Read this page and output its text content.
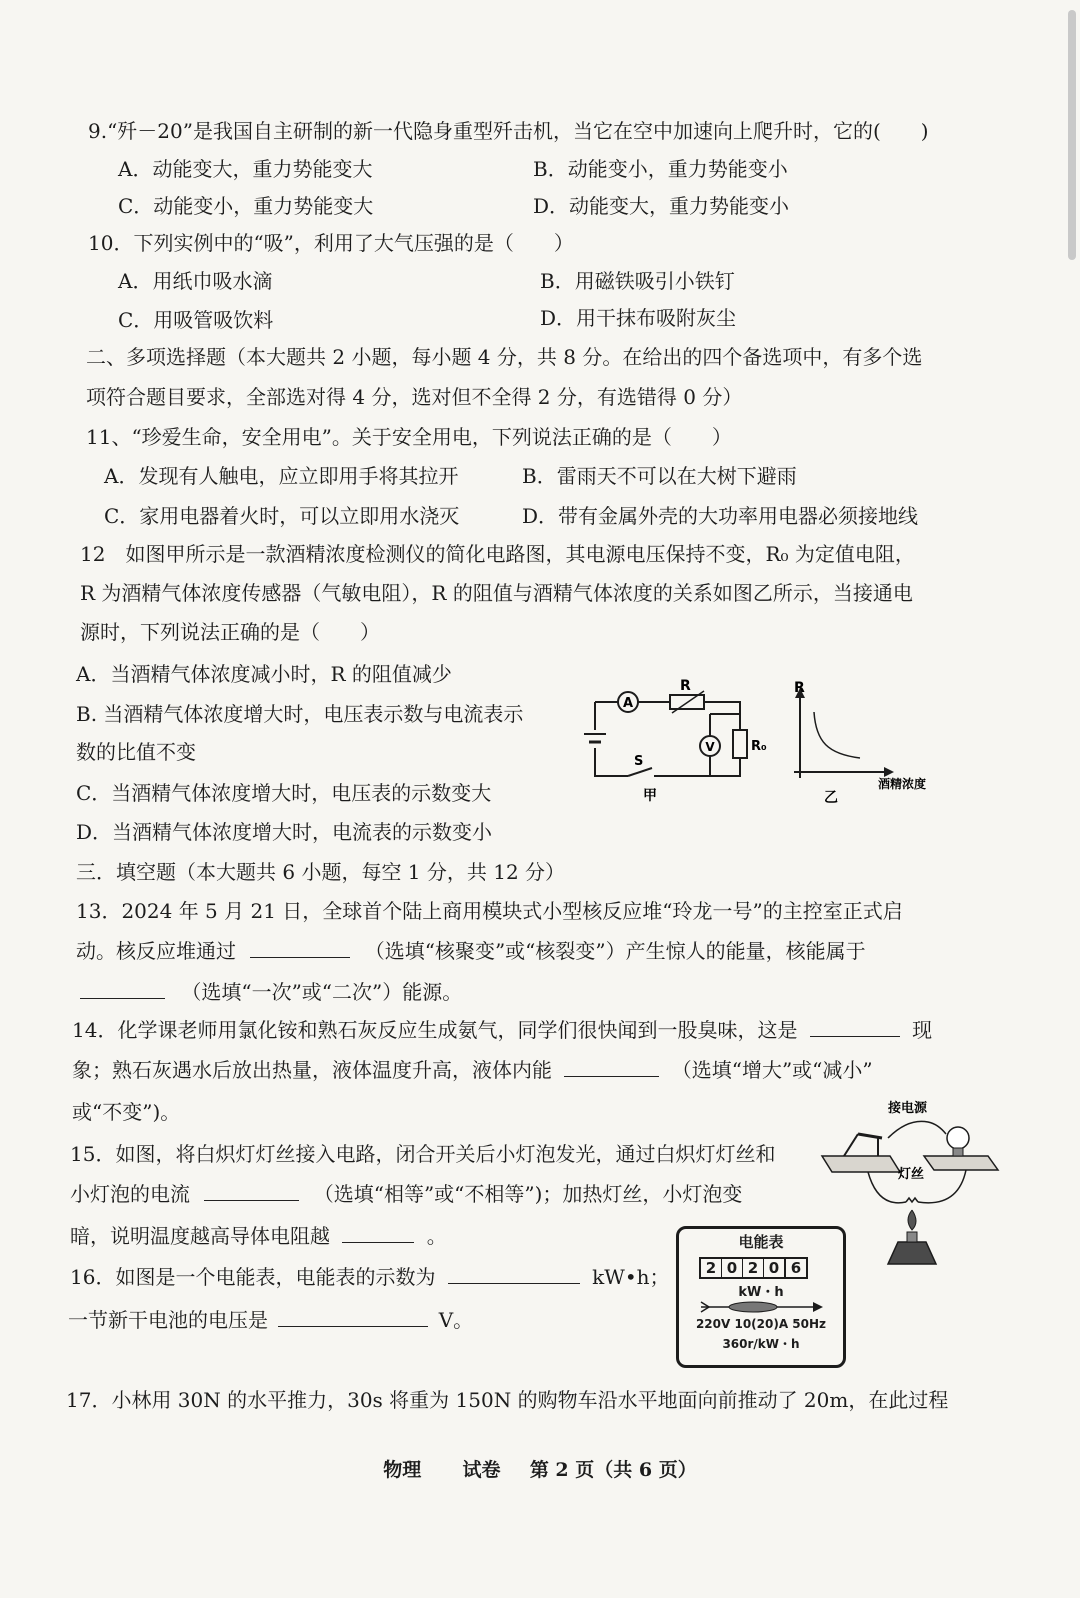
9.“歼－20”是我国自主研制的新一代隐身重型歼击机，当它在空中加速向上爬升时，它的(　　)
A．动能变大，重力势能变大	B．动能变小，重力势能变小
C．动能变小，重力势能变大	D．动能变大，重力势能变小
10．下列实例中的“吸”，利用了大气压强的是（　　）
A．用纸巾吸水滴	B．用磁铁吸引小铁钉
C．用吸管吸饮料	D．用干抹布吸附灰尘
二、多项选择题（本大题共 2 小题，每小题 4 分，共 8 分。在给出的四个备选项中，有多个选
项符合题目要求，全部选对得 4 分，选对但不全得 2 分，有选错得 0 分）
11、“珍爱生命，安全用电”。关于安全用电，下列说法正确的是（　　）
A．发现有人触电，应立即用手将其拉开	B．雷雨天不可以在大树下避雨
C．家用电器着火时，可以立即用水浇灭	D．带有金属外壳的大功率用电器必须接地线
12　如图甲所示是一款酒精浓度检测仪的简化电路图，其电源电压保持不变，R₀ 为定值电阻，
R 为酒精气体浓度传感器（气敏电阻），R 的阻值与酒精气体浓度的关系如图乙所示，当接通电
源时，下列说法正确的是（　　）
A．当酒精气体浓度减小时，R 的阻值减少
B. 当酒精气体浓度增大时，电压表示数与电流表示
数的比值不变
C．当酒精气体浓度增大时，电压表的示数变大
D．当酒精气体浓度增大时，电流表的示数变小
A
R
V	R₀
S
甲
R
酒精浓度
乙
三．填空题（本大题共 6 小题，每空 1 分，共 12 分）
13．2024 年 5 月 21 日，全球首个陆上商用模块式小型核反应堆“玲龙一号”的主控室正式启
动。核反应堆通过	（选填“核聚变”或“核裂变”）产生惊人的能量，核能属于
（选填“一次”或“二次”）能源。
14．化学课老师用氯化铵和熟石灰反应生成氨气，同学们很快闻到一股臭味，这是	现
象；熟石灰遇水后放出热量，液体温度升高，液体内能	（选填“增大”或“减小”
或“不变”)。
15．如图，将白炽灯灯丝接入电路，闭合开关后小灯泡发光，通过白炽灯灯丝和
小灯泡的电流	（选填“相等”或“不相等”)；加热灯丝，小灯泡变
暗，说明温度越高导体电阻越	。
接电源
灯丝
16．如图是一个电能表，电能表的示数为	kW•h；
一节新干电池的电压是	V。
电能表
2 0 2 0 6
kW・h
220V 10(20)A 50Hz
360r/kW・h
17．小林用 30N 的水平推力，30s 将重为 150N 的购物车沿水平地面向前推动了 20m，在此过程
物理 试卷 第 2 页（共 6 页）
